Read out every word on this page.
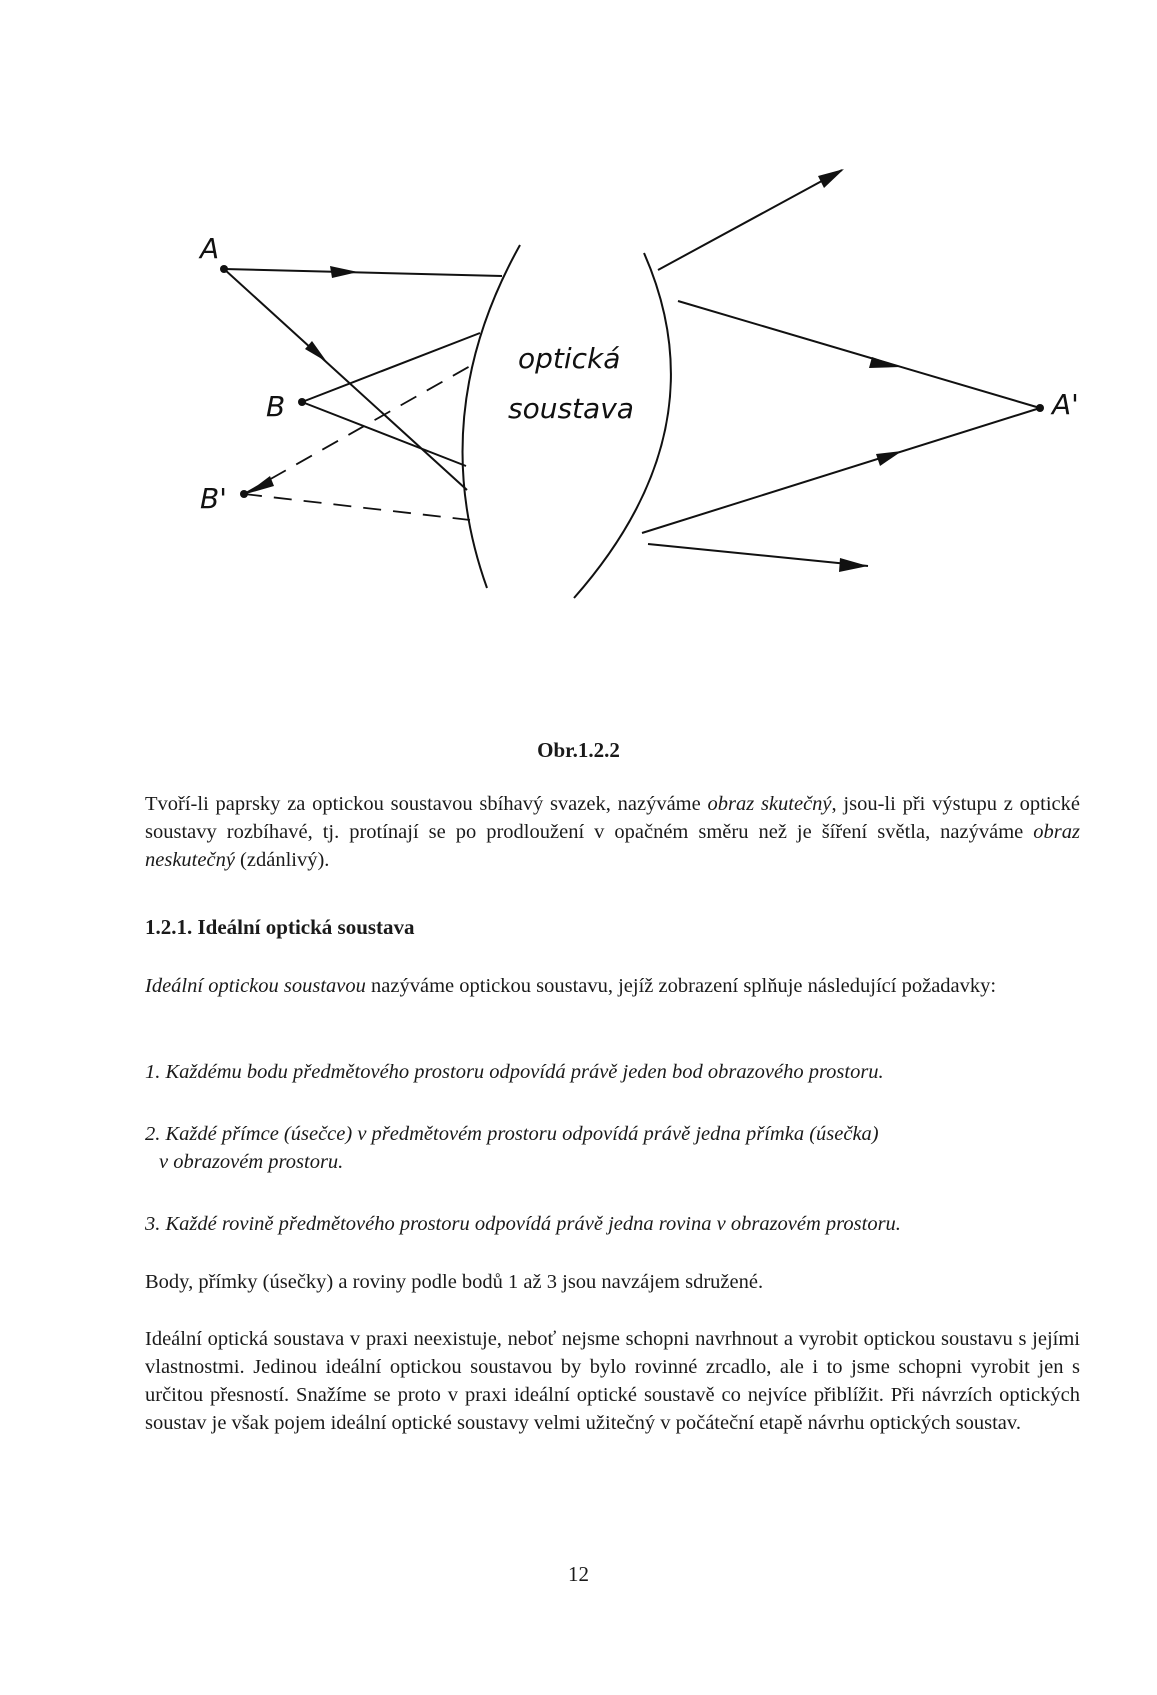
A
B
B'
A'
optická
soustava
Obr.1.2.2

Tvoří-li paprsky za optickou soustavou sbíhavý svazek, nazýváme obraz skutečný, jsou-li při výstupu z optické soustavy rozbíhavé, tj. protínají se po prodloužení v opačném směru než je šíření světla, nazýváme obraz neskutečný (zdánlivý).

1.2.1. Ideální optická soustava

Ideální optickou soustavou nazýváme optickou soustavu, jejíž zobrazení splňuje následující požadavky:

1. Každému bodu předmětového prostoru odpovídá právě jeden bod obrazového prostoru.

2. Každé přímce (úsečce) v předmětovém prostoru odpovídá právě jedna přímka (úsečka)
v obrazovém prostoru.

3. Každé rovině předmětového prostoru odpovídá právě jedna rovina v obrazovém prostoru.

Body, přímky (úsečky) a roviny podle bodů 1 až 3 jsou navzájem sdružené.

Ideální optická soustava v praxi neexistuje, neboť nejsme schopni navrhnout a vyrobit optickou soustavu s jejími vlastnostmi. Jedinou ideální optickou soustavou by bylo rovinné zrcadlo, ale i to jsme schopni vyrobit jen s určitou přesností. Snažíme se proto v praxi ideální optické soustavě co nejvíce přiblížit. Při návrzích optických soustav je však pojem ideální optické soustavy velmi užitečný v počáteční etapě návrhu optických soustav.

12
